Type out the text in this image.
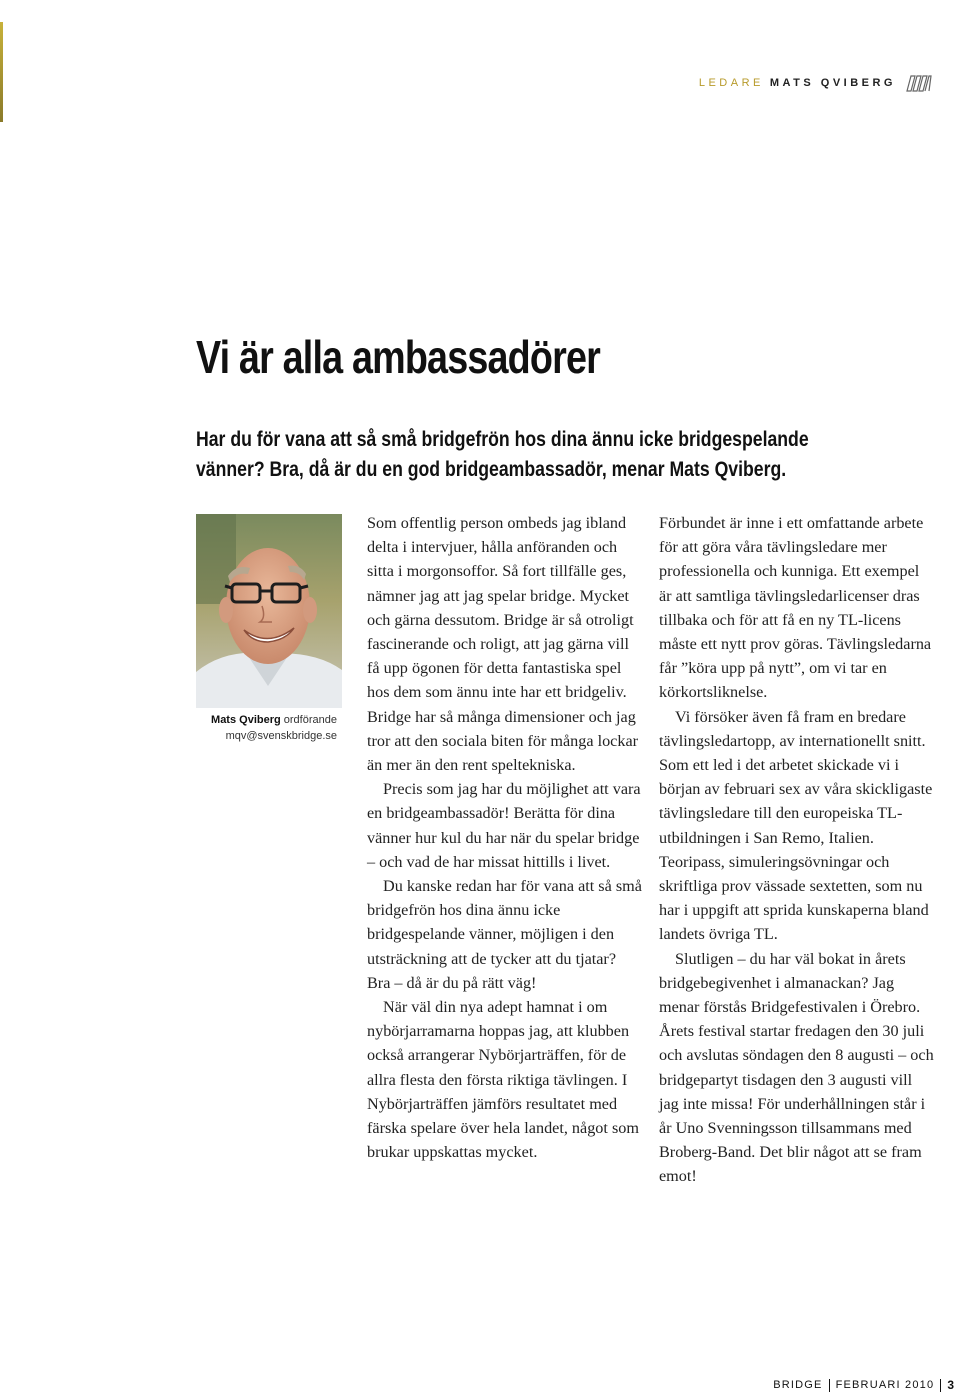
LEDARE MATS QVIBERG
Vi är alla ambassadörer

Har du för vana att så små bridgefrön hos dina ännu icke bridgespelande vänner? Bra, då är du en god bridgeambassadör, menar Mats Qviberg.

Mats Qviberg ordförande
mqv@svenskbridge.se

Som offentlig person ombeds jag ibland delta i intervjuer, hålla anföranden och sitta i morgonsoffor. Så fort tillfälle ges, nämner jag att jag spelar bridge. Mycket och gärna dessutom. Bridge är så otroligt fascinerande och roligt, att jag gärna vill få upp ögonen för detta fantastiska spel hos dem som ännu inte har ett bridgeliv. Bridge har så många dimensioner och jag tror att den sociala biten för många lockar än mer än den rent speltekniska.

Precis som jag har du möjlighet att vara en bridgeambassadör! Berätta för dina vänner hur kul du har när du spelar bridge – och vad de har missat hittills i livet.

Du kanske redan har för vana att så små bridgefrön hos dina ännu icke bridgespelande vänner, möjligen i den utsträckning att de tycker att du tjatar? Bra – då är du på rätt väg!

När väl din nya adept hamnat i om nybörjarramarna hoppas jag, att klubben också arrangerar Nybörjarträffen, för de allra flesta den första riktiga tävlingen. I Nybörjarträffen jämförs resultatet med färska spelare över hela landet, något som brukar uppskattas mycket.

Förbundet är inne i ett omfattande arbete för att göra våra tävlingsledare mer professionella och kunniga. Ett exempel är att samtliga tävlingsledarlicenser dras tillbaka och för att få en ny TL-licens måste ett nytt prov göras. Tävlingsledarna får ”köra upp på nytt”, om vi tar en körkortsliknelse.

Vi försöker även få fram en bredare tävlingsledartopp, av internationellt snitt. Som ett led i det arbetet skickade vi i början av februari sex av våra skickligaste tävlingsledare till den europeiska TL-utbildningen i San Remo, Italien. Teoripass, simuleringsövningar och skriftliga prov vässade sextetten, som nu har i uppgift att sprida kunskaperna bland landets övriga TL.

Slutligen – du har väl bokat in årets bridgebegivenhet i almanackan? Jag menar förstås Bridgefestivalen i Örebro. Årets festival startar fredagen den 30 juli och avslutas söndagen den 8 augusti – och bridgepartyt tisdagen den 3 augusti vill jag inte missa! För underhållningen står i år Uno Svenningsson tillsammans med Broberg-Band. Det blir något att se fram emot!

BRIDGE FEBRUARI 2010 3
